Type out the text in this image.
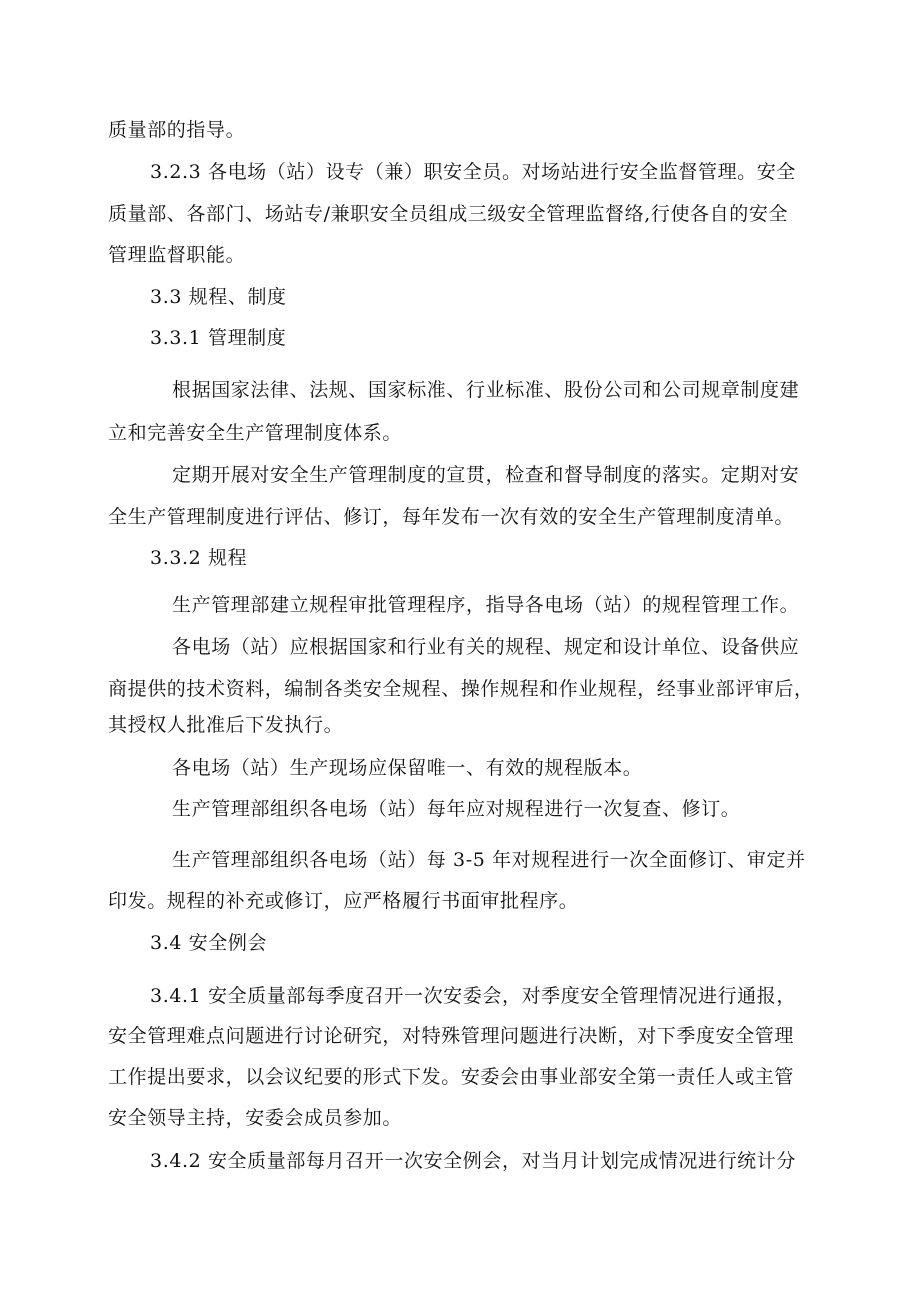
质量部的指导。
3.2.3 各电场（站）设专（兼）职安全员。对场站进行安全监督管理。安全
质量部、各部门、场站专/兼职安全员组成三级安全管理监督络,行使各自的安全
管理监督职能。
3.3 规程、制度
3.3.1 管理制度
根据国家法律、法规、国家标准、行业标准、股份公司和公司规章制度建
立和完善安全生产管理制度体系。
定期开展对安全生产管理制度的宣贯，检查和督导制度的落实。定期对安
全生产管理制度进行评估、修订，每年发布一次有效的安全生产管理制度清单。
3.3.2 规程
生产管理部建立规程审批管理程序，指导各电场（站）的规程管理工作。
各电场（站）应根据国家和行业有关的规程、规定和设计单位、设备供应
商提供的技术资料，编制各类安全规程、操作规程和作业规程，经事业部评审后，
其授权人批准后下发执行。
各电场（站）生产现场应保留唯一、有效的规程版本。
生产管理部组织各电场（站）每年应对规程进行一次复查、修订。
生产管理部组织各电场（站）每 3-5 年对规程进行一次全面修订、审定并
印发。规程的补充或修订，应严格履行书面审批程序。
3.4 安全例会
3.4.1 安全质量部每季度召开一次安委会，对季度安全管理情况进行通报，
安全管理难点问题进行讨论研究，对特殊管理问题进行决断，对下季度安全管理
工作提出要求，以会议纪要的形式下发。安委会由事业部安全第一责任人或主管
安全领导主持，安委会成员参加。
3.4.2 安全质量部每月召开一次安全例会，对当月计划完成情况进行统计分
